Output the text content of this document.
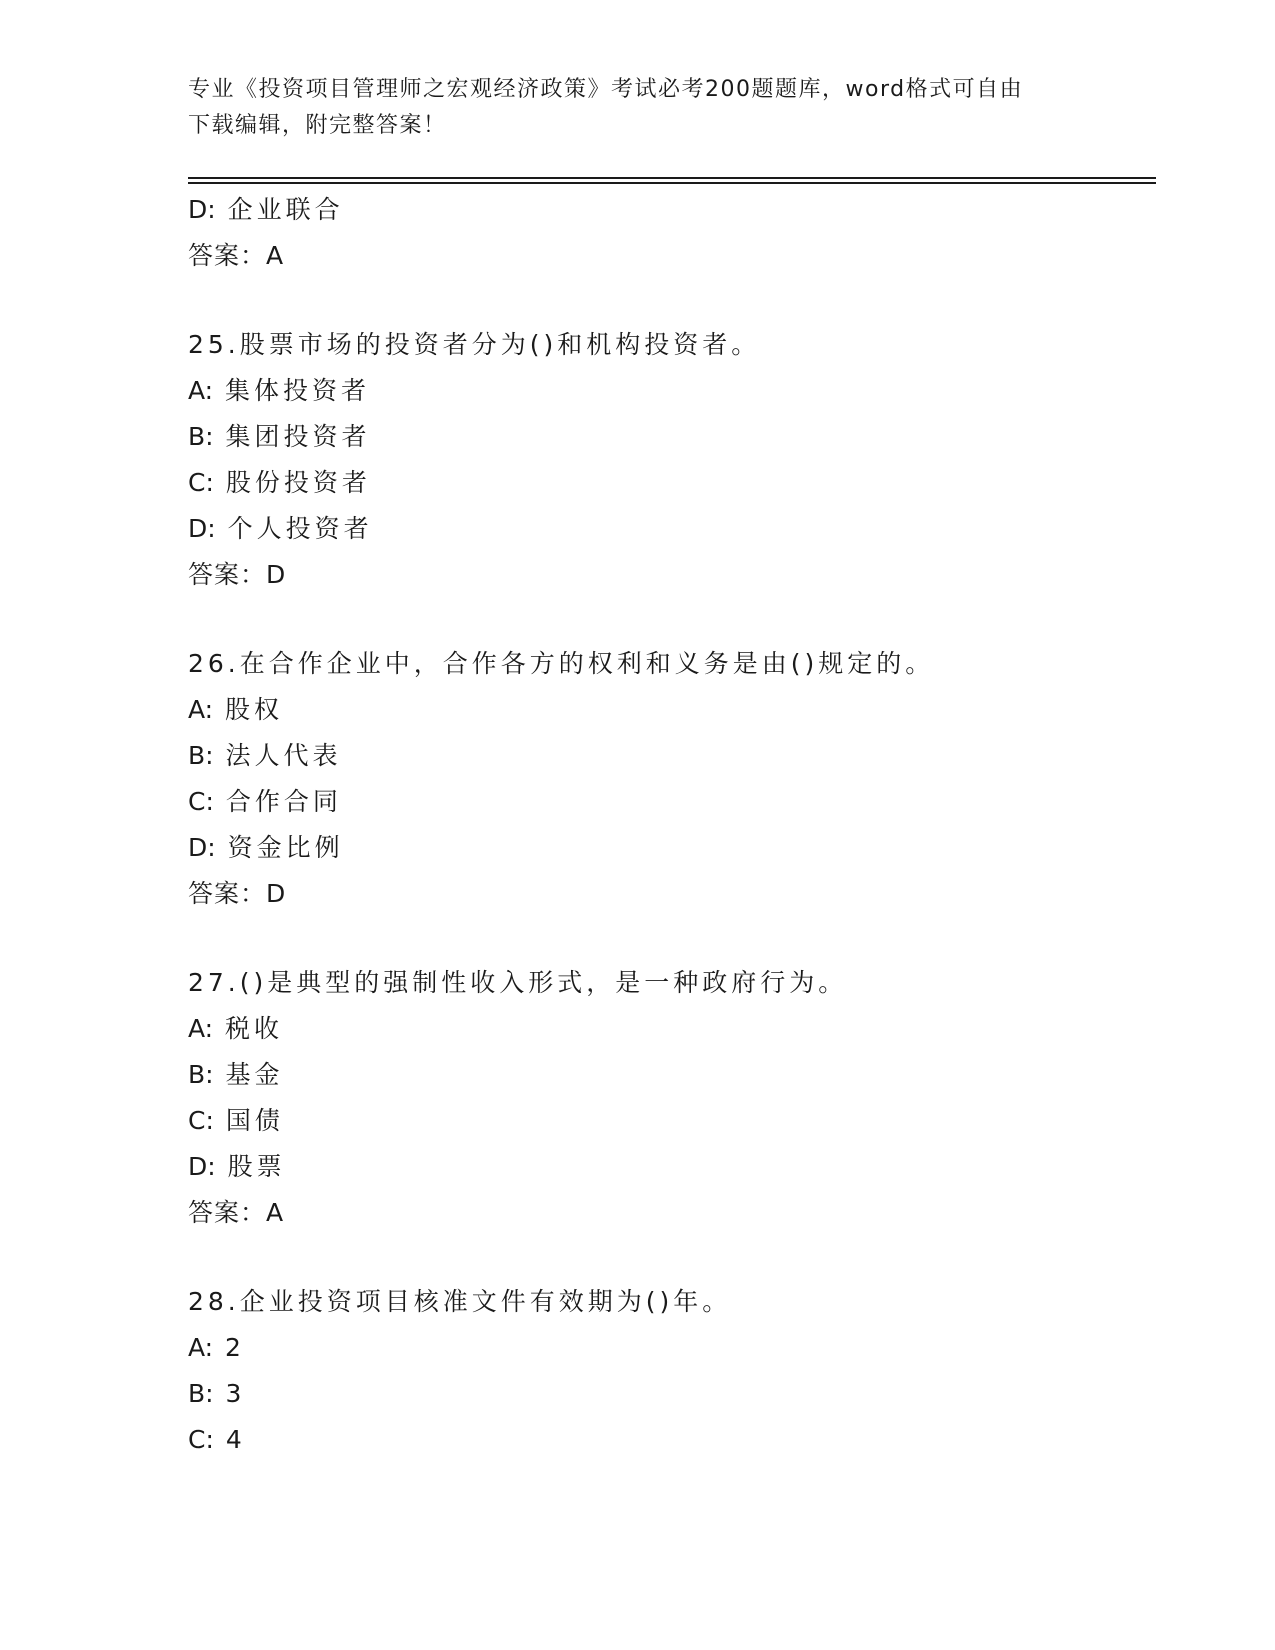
专业《投资项目管理师之宏观经济政策》考试必考200题题库，word格式可自由
下载编辑，附完整答案！
D: 企业联合
答案：A
25.股票市场的投资者分为()和机构投资者。
A: 集体投资者
B: 集团投资者
C: 股份投资者
D: 个人投资者
答案：D
26.在合作企业中，合作各方的权利和义务是由()规定的。
A: 股权
B: 法人代表
C: 合作合同
D: 资金比例
答案：D
27.()是典型的强制性收入形式，是一种政府行为。
A: 税收
B: 基金
C: 国债
D: 股票
答案：A
28.企业投资项目核准文件有效期为()年。
A: 2
B: 3
C: 4
